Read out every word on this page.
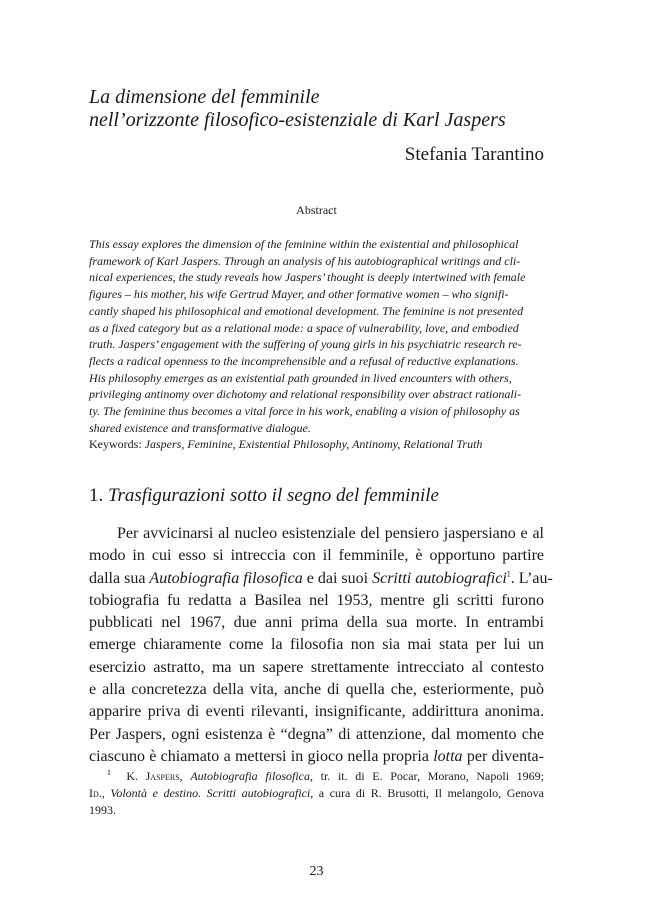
La dimensione del femminile
nell’orizzonte filosofico-esistenziale di Karl Jaspers
Stefania Tarantino
Abstract
This essay explores the dimension of the feminine within the existential and philosophical
framework of Karl Jaspers. Through an analysis of his autobiographical writings and cli-
nical experiences, the study reveals how Jaspers’ thought is deeply intertwined with female
figures – his mother, his wife Gertrud Mayer, and other formative women – who signifi-
cantly shaped his philosophical and emotional development. The feminine is not presented
as a fixed category but as a relational mode: a space of vulnerability, love, and embodied
truth. Jaspers’ engagement with the suffering of young girls in his psychiatric research re-
flects a radical openness to the incomprehensible and a refusal of reductive explanations.
His philosophy emerges as an existential path grounded in lived encounters with others,
privileging antinomy over dichotomy and relational responsibility over abstract rationali-
ty. The feminine thus becomes a vital force in his work, enabling a vision of philosophy as
shared existence and transformative dialogue.
Keywords: Jaspers, Feminine, Existential Philosophy, Antinomy, Relational Truth
1. Trasfigurazioni sotto il segno del femminile
Per avvicinarsi al nucleo esistenziale del pensiero jaspersiano e al
modo in cui esso si intreccia con il femminile, è opportuno partire
dalla sua Autobiografia filosofica e dai suoi Scritti autobiografici$^1$. L’au-
tobiografia fu redatta a Basilea nel 1953, mentre gli scritti furono
pubblicati nel 1967, due anni prima della sua morte. In entrambi
emerge chiaramente come la filosofia non sia mai stata per lui un
esercizio astratto, ma un sapere strettamente intrecciato al contesto
e alla concretezza della vita, anche di quella che, esteriormente, può
apparire priva di eventi rilevanti, insignificante, addirittura anonima.
Per Jaspers, ogni esistenza è “degna” di attenzione, dal momento che
ciascuno è chiamato a mettersi in gioco nella propria lotta per diventa-
$^1$ K. Jaspers, Autobiografia filosofica, tr. it. di E. Pocar, Morano, Napoli 1969;
Id., Volontà e destino. Scritti autobiografici, a cura di R. Brusotti, Il melangolo, Genova
1993.
23
